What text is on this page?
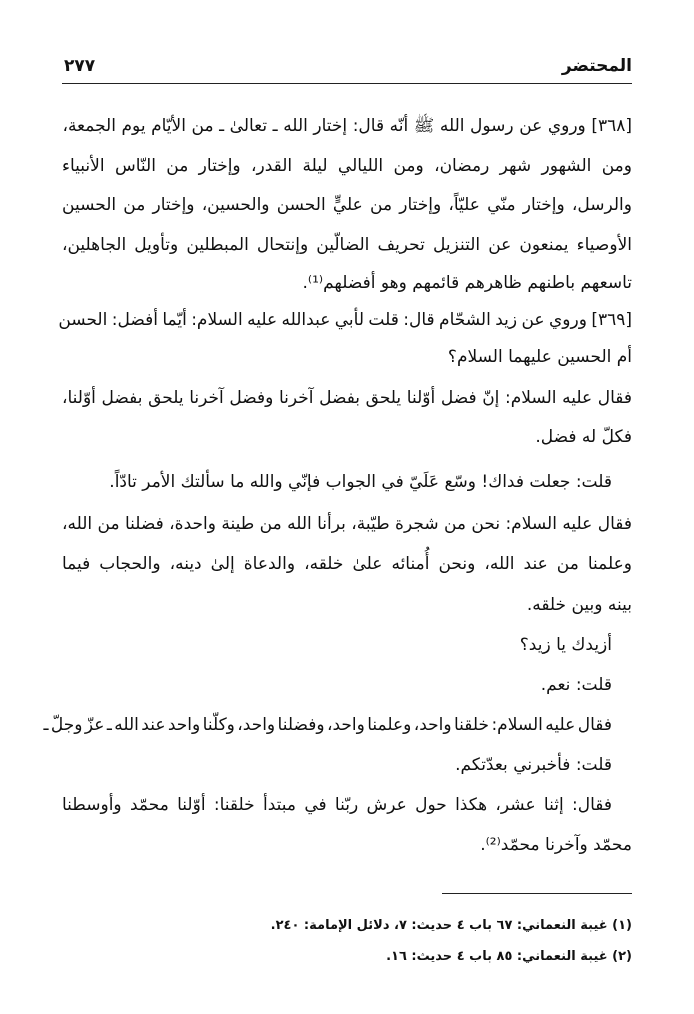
٢٧٧	المحتضر
[٣٦٨] وروي عن رسول الله ﷺ أنّه قال: إختار الله ـ تعالىٰ ـ من الأيّام يوم الجمعة،
ومن الشهور شهر رمضان، ومن الليالي ليلة القدر، وإختار من النّاس الأنبياء
والرسل، وإختار منّي عليّاً، وإختار من عليٍّ الحسن والحسين، وإختار من الحسين
الأوصياء يمنعون عن التنزيل تحريف الضالّين وإنتحال المبطلين وتأويل الجاهلين،
تاسعهم باطنهم ظاهرهم قائمهم وهو أفضلهم⁽¹⁾.
[٣٦٩] وروي عن زيد الشحّام قال: قلت لأبي عبدالله عليه السلام: أيّما أفضل: الحسن
أم الحسين عليهما السلام؟
فقال عليه السلام: إنّ فضل أوّلنا يلحق بفضل آخرنا وفضل آخرنا يلحق بفضل أوّلنا،
فكلّ له فضل.
قلت: جعلت فداك! وسّع عَلَيّ في الجواب فإنّي والله ما سألتك الأمر تادّاً.
فقال عليه السلام: نحن من شجرة طيّبة، برأنا الله من طينة واحدة، فضلنا من الله،
وعلمنا من عند الله، ونحن أُمنائه علىٰ خلقه، والدعاة إلىٰ دينه، والحجاب فيما
بينه وبين خلقه.
أزيدك يا زيد؟
قلت: نعم.
فقال عليه السلام: خلقنا واحد، وعلمنا واحد، وفضلنا واحد، وكلّنا واحد عند الله ـ عزّ وجلّ ـ
قلت: فأخبرني بعدّتكم.
فقال: إثنا عشر، هكذا حول عرش ربّنا في مبتدأ خلقنا: أوّلنا محمّد وأوسطنا
محمّد وآخرنا محمّد⁽²⁾.
(١) غيبة النعماني: ٦٧ باب ٤ حديث: ٧، دلائل الإمامة: ٢٤٠.
(٢) غيبة النعماني: ٨٥ باب ٤ حديث: ١٦.
